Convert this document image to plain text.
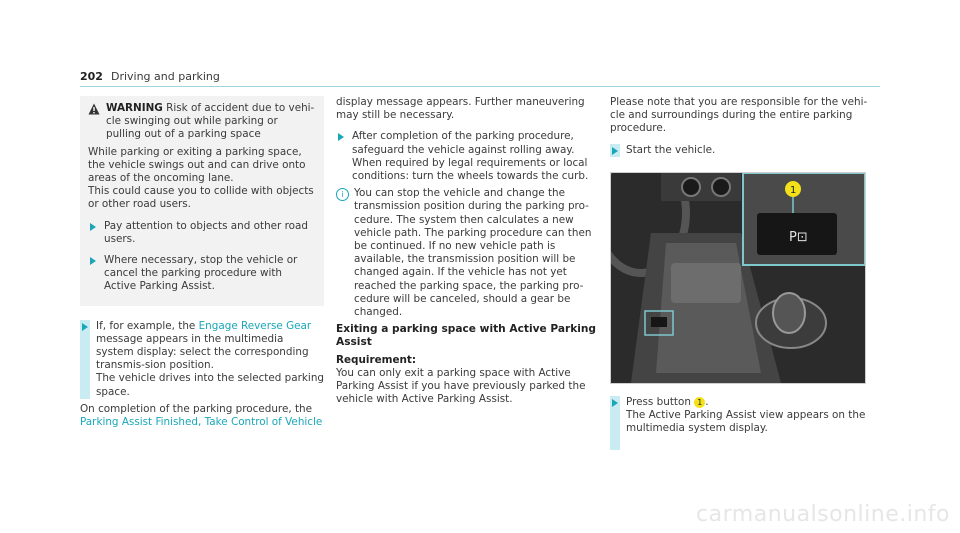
202 Driving and parking
WARNING Risk of accident due to vehi-cle swinging out while parking or pulling out of a parking space

While parking or exiting a parking space, the vehicle swings out and can drive onto areas of the oncoming lane.

This could cause you to collide with objects or other road users.

Pay attention to objects and other road users.
Where necessary, stop the vehicle or cancel the parking procedure with Active Parking Assist.
If, for example, the Engage Reverse Gear message appears in the multimedia system display: select the corresponding transmis-sion position.
The vehicle drives into the selected parking space.

On completion of the parking procedure, the

Parking Assist Finished, Take Control of Vehicle

display message appears. Further maneuvering may still be necessary.

After completion of the parking procedure, safeguard the vehicle against rolling away. When required by legal requirements or local conditions: turn the wheels towards the curb.
i You can stop the vehicle and change the transmission position during the parking pro-cedure. The system then calculates a new vehicle path. The parking procedure can then be continued. If no new vehicle path is available, the transmission position will be changed again. If the vehicle has not yet reached the parking space, the parking pro-cedure will be canceled, should a gear be changed.
Exiting a parking space with Active Parking Assist

Requirement:

You can only exit a parking space with Active Parking Assist if you have previously parked the vehicle with Active Parking Assist.

Please note that you are responsible for the vehi-cle and surroundings during the entire parking procedure.

Start the vehicle.
P⊡
1
Press button 1 .
The Active Parking Assist view appears on the multimedia system display.
carmanualsonline.info
